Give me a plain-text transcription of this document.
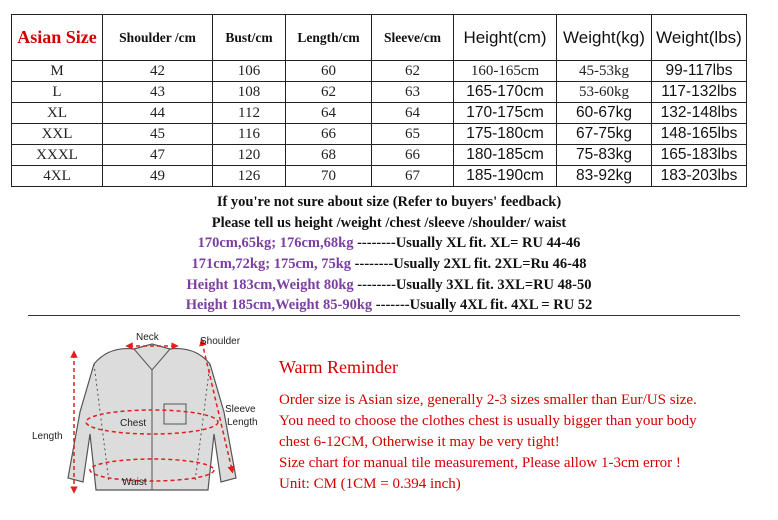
Asian Size	Shoulder /cm	Bust/cm	Length/cm	Sleeve/cm	Height(cm)	Weight(kg)	Weight(lbs)
M	42	106	60	62	160-165cm	45-53kg	99-117lbs
L	43	108	62	63	165-170cm	53-60kg	117-132lbs
XL	44	112	64	64	170-175cm	60-67kg	132-148lbs
XXL	45	116	66	65	175-180cm	67-75kg	148-165lbs
XXXL	47	120	68	66	180-185cm	75-83kg	165-183lbs
4XL	49	126	70	67	185-190cm	83-92kg	183-203lbs
If you're not sure about size (Refer to buyers' feedback)
Please tell us height /weight /chest /sleeve /shoulder/ waist
170cm,65kg; 176cm,68kg --------Usually XL fit. XL= RU 44-46
171cm,72kg; 175cm, 75kg --------Usually 2XL fit. 2XL=Ru 46-48
Height 183cm,Weight 80kg --------Usually 3XL fit. 3XL=RU 48-50
Height 185cm,Weight 85-90kg -------Usually 4XL fit. 4XL = RU 52
Neck	Shoulder
Sleeve
Length
Length
Chest
Waist
Warm Reminder
Order size is Asian size, generally 2-3 sizes smaller than Eur/US size.
You need to choose the clothes chest is usually bigger than your body
chest 6-12CM, Otherwise it may be very tight!
Size chart for manual tile measurement, Please allow 1-3cm error !
Unit: CM (1CM = 0.394 inch)
